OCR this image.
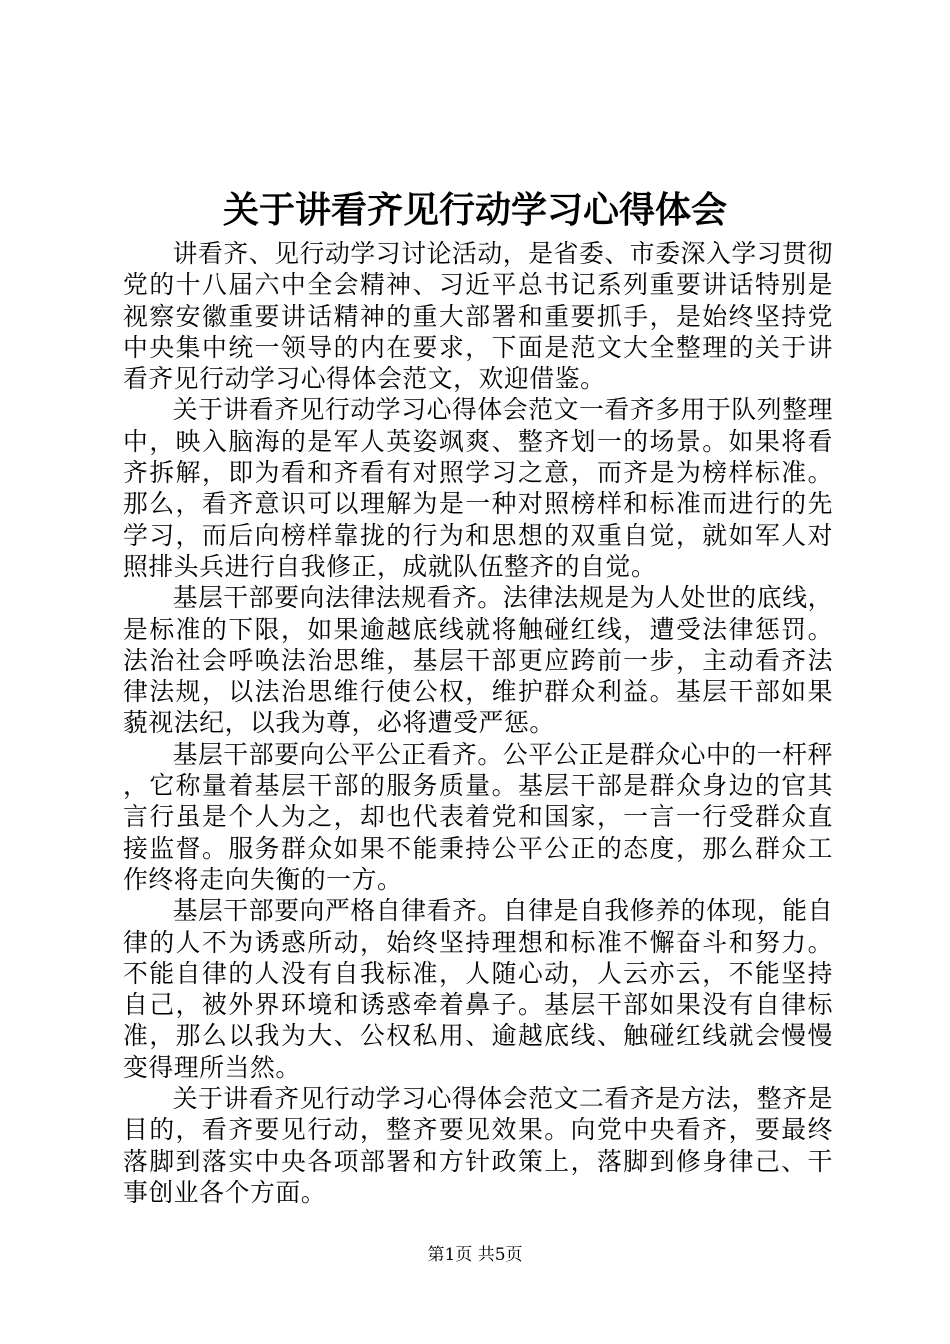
关于讲看齐见行动学习心得体会

讲看齐、见行动学习讨论活动，是省委、市委深入学习贯彻党的十八届六中全会精神、习近平总书记系列重要讲话特别是视察安徽重要讲话精神的重大部署和重要抓手，是始终坚持党中央集中统一领导的内在要求，下面是范文大全整理的关于讲看齐见行动学习心得体会范文，欢迎借鉴。

关于讲看齐见行动学习心得体会范文一看齐多用于队列整理中，映入脑海的是军人英姿飒爽、整齐划一的场景。如果将看齐拆解，即为看和齐看有对照学习之意，而齐是为榜样标准。那么，看齐意识可以理解为是一种对照榜样和标准而进行的先学习，而后向榜样靠拢的行为和思想的双重自觉，就如军人对照排头兵进行自我修正，成就队伍整齐的自觉。

基层干部要向法律法规看齐。法律法规是为人处世的底线，是标准的下限，如果逾越底线就将触碰红线，遭受法律惩罚。法治社会呼唤法治思维，基层干部更应跨前一步，主动看齐法律法规，以法治思维行使公权，维护群众利益。基层干部如果藐视法纪，以我为尊，必将遭受严惩。

基层干部要向公平公正看齐。公平公正是群众心中的一杆秤，它称量着基层干部的服务质量。基层干部是群众身边的官其言行虽是个人为之，却也代表着党和国家，一言一行受群众直接监督。服务群众如果不能秉持公平公正的态度，那么群众工作终将走向失衡的一方。

基层干部要向严格自律看齐。自律是自我修养的体现，能自律的人不为诱惑所动，始终坚持理想和标准不懈奋斗和努力。不能自律的人没有自我标准，人随心动，人云亦云，不能坚持自己，被外界环境和诱惑牵着鼻子。基层干部如果没有自律标准，那么以我为大、公权私用、逾越底线、触碰红线就会慢慢变得理所当然。

关于讲看齐见行动学习心得体会范文二看齐是方法，整齐是目的，看齐要见行动，整齐要见效果。向党中央看齐，要最终落脚到落实中央各项部署和方针政策上，落脚到修身律己、干事创业各个方面。

第1页 共5页
